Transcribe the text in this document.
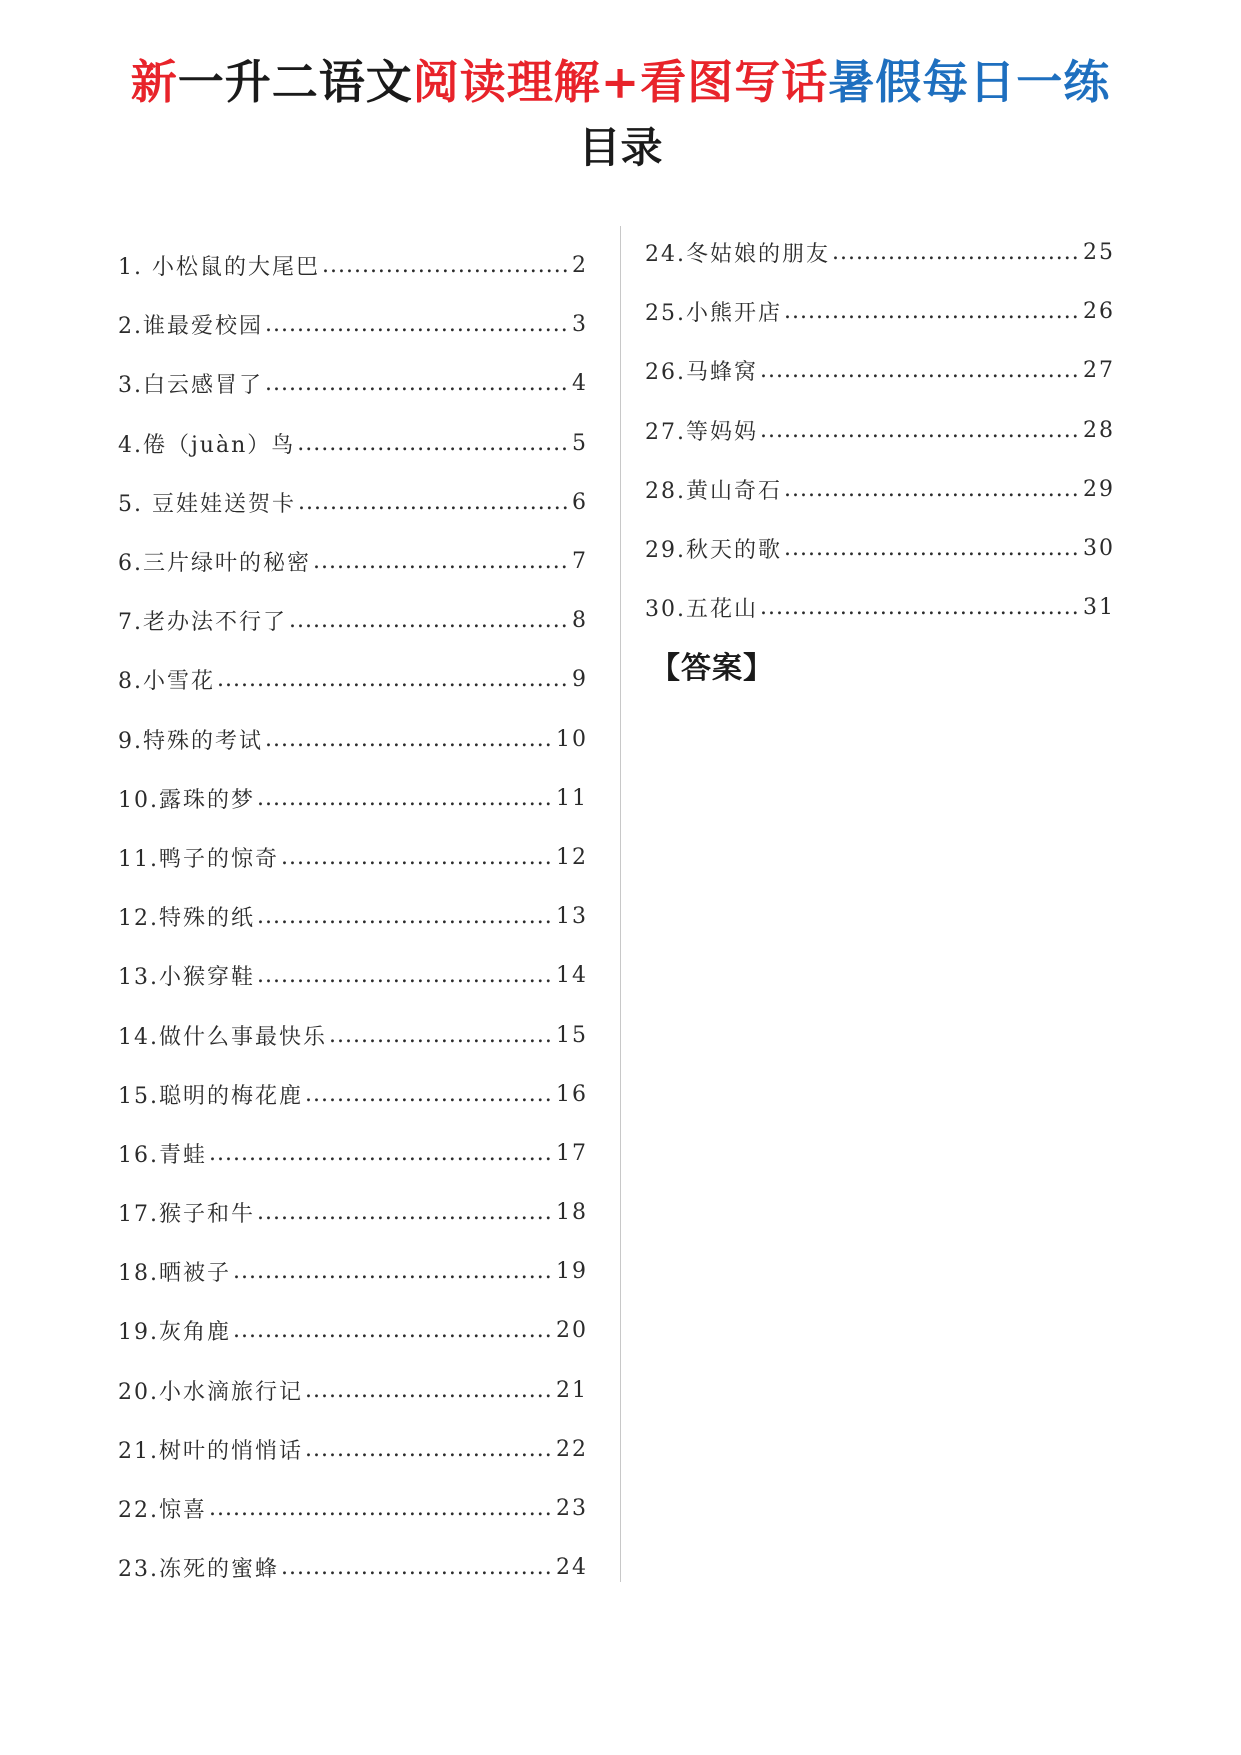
新一升二语文阅读理解+看图写话暑假每日一练
目录
1. 小松鼠的大尾巴 .....	2
2.谁最爱校园 .....	3
3.白云感冒了 .....	4
4.倦（juàn）鸟 .....	5
5. 豆娃娃送贺卡 .....	6
6.三片绿叶的秘密 .....	7
7.老办法不行了 .....	8
8.小雪花 .....	9
9.特殊的考试 .....	10
10.露珠的梦 .....	11
11.鸭子的惊奇 .....	12
12.特殊的纸 .....	13
13.小猴穿鞋 .....	14
14.做什么事最快乐 .....	15
15.聪明的梅花鹿 .....	16
16.青蛙 .....	17
17.猴子和牛 .....	18
18.晒被子 .....	19
19.灰角鹿 .....	20
20.小水滴旅行记 .....	21
21.树叶的悄悄话 .....	22
22.惊喜 .....	23
23.冻死的蜜蜂 .....	24
24.冬姑娘的朋友 .....	25
25.小熊开店 .....	26
26.马蜂窝 .....	27
27.等妈妈 .....	28
28.黄山奇石 .....	29
29.秋天的歌 .....	30
30.五花山 .....	31
【答案】
